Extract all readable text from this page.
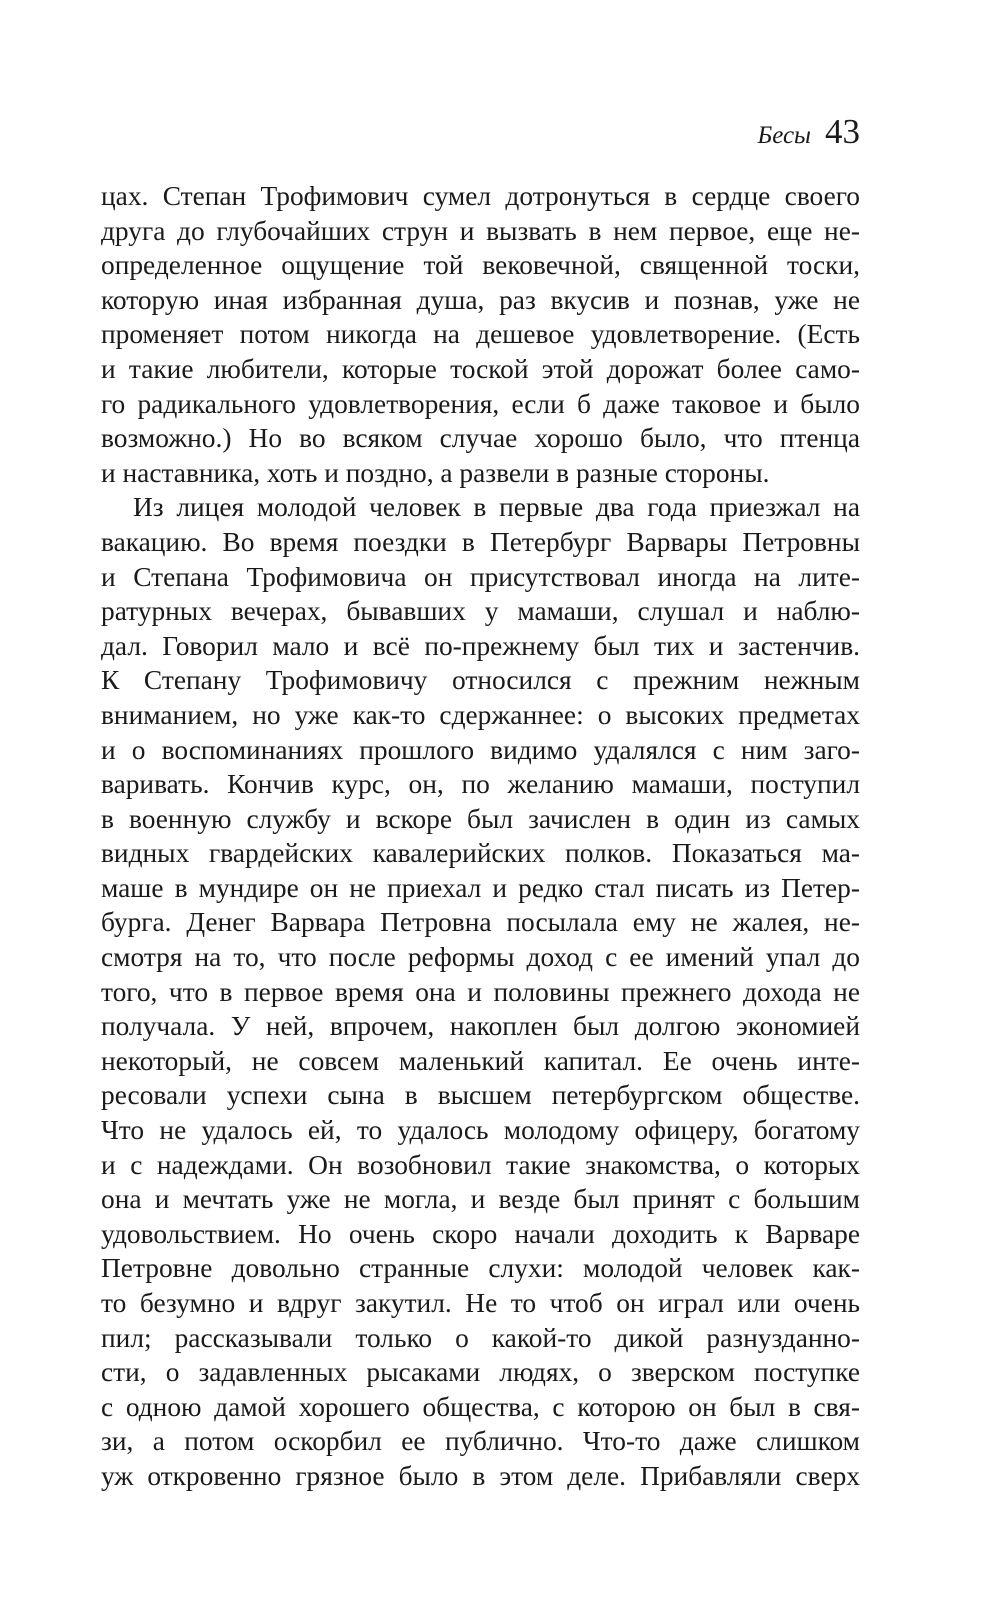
Бесы 43
цах. Степан Трофимович сумел дотронуться в сердце своего
друга до глубочайших струн и вызвать в нем первое, еще не-
определенное ощущение той вековечной, священной тоски,
которую иная избранная душа, раз вкусив и познав, уже не
променяет потом никогда на дешевое удовлетворение. (Есть
и такие любители, которые тоской этой дорожат более само-
го радикального удовлетворения, если б даже таковое и было
возможно.) Но во всяком случае хорошо было, что птенца
и наставника, хоть и поздно, а развели в разные стороны.
Из лицея молодой человек в первые два года приезжал на
вакацию. Во время поездки в Петербург Варвары Петровны
и Степана Трофимовича он присутствовал иногда на лите-
ратурных вечерах, бывавших у мамаши, слушал и наблю-
дал. Говорил мало и всё по-прежнему был тих и застенчив.
К Степану Трофимовичу относился с прежним нежным
вниманием, но уже как-то сдержаннее: о высоких предметах
и о воспоминаниях прошлого видимо удалялся с ним заго-
варивать. Кончив курс, он, по желанию мамаши, поступил
в военную службу и вскоре был зачислен в один из самых
видных гвардейских кавалерийских полков. Показаться ма-
маше в мундире он не приехал и редко стал писать из Петер-
бурга. Денег Варвара Петровна посылала ему не жалея, не-
смотря на то, что после реформы доход с ее имений упал до
того, что в первое время она и половины прежнего дохода не
получала. У ней, впрочем, накоплен был долгою экономией
некоторый, не совсем маленький капитал. Ее очень инте-
ресовали успехи сына в высшем петербургском обществе.
Что не удалось ей, то удалось молодому офицеру, богатому
и с надеждами. Он возобновил такие знакомства, о которых
она и мечтать уже не могла, и везде был принят с большим
удовольствием. Но очень скоро начали доходить к Варваре
Петровне довольно странные слухи: молодой человек как-
то безумно и вдруг закутил. Не то чтоб он играл или очень
пил; рассказывали только о какой-то дикой разнузданно-
сти, о задавленных рысаками людях, о зверском поступке
с одною дамой хорошего общества, с которою он был в свя-
зи, а потом оскорбил ее публично. Что-то даже слишком
уж откровенно грязное было в этом деле. Прибавляли сверх
